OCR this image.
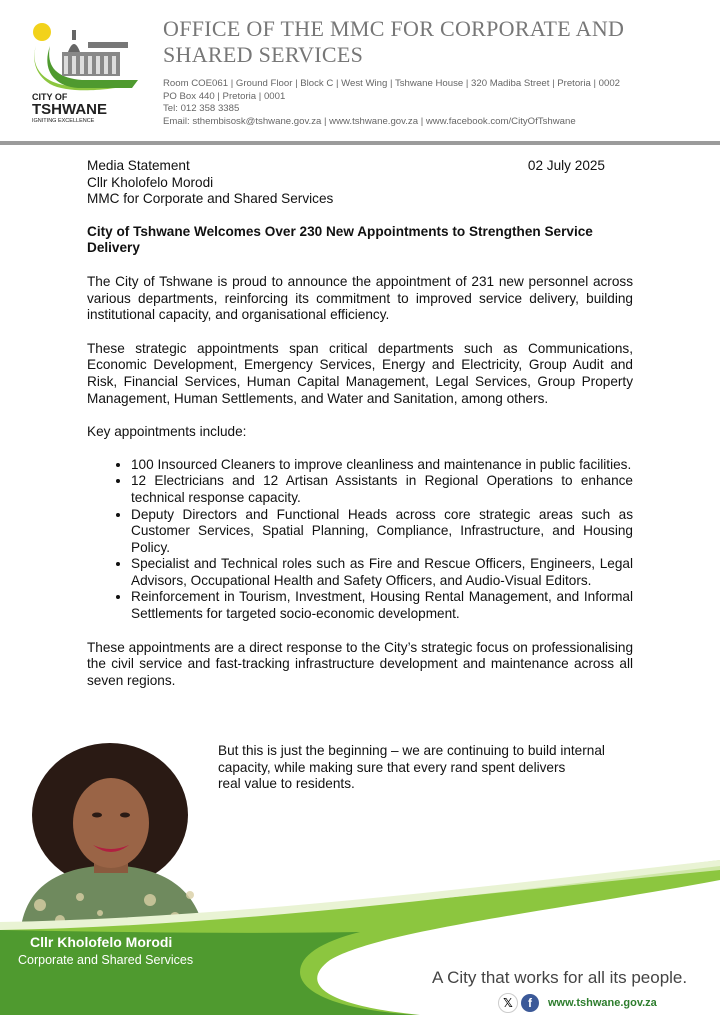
CITY OF
TSHWANE
IGNITING EXCELLENCE
OFFICE OF THE MMC FOR CORPORATE AND
SHARED SERVICES
Room COE061 | Ground Floor | Block C | West Wing | Tshwane House | 320 Madiba Street | Pretoria | 0002
PO Box 440 | Pretoria | 0001
Tel: 012 358 3385
Email: sthembisosk@tshwane.gov.za | www.tshwane.gov.za | www.facebook.com/CityOfTshwane
Media Statement	02 July 2025
Cllr Kholofelo Morodi
MMC for Corporate and Shared Services
City of Tshwane Welcomes Over 230 New Appointments to Strengthen Service Delivery

The City of Tshwane is proud to announce the appointment of 231 new personnel across various departments, reinforcing its commitment to improved service delivery, building institutional capacity, and organisational efficiency.

These strategic appointments span critical departments such as Communications, Economic Development, Emergency Services, Energy and Electricity, Group Audit and Risk, Financial Services, Human Capital Management, Legal Services, Group Property Management, Human Settlements, and Water and Sanitation, among others.

Key appointments include:

• 100 Insourced Cleaners to improve cleanliness and maintenance in public facilities.
• 12 Electricians and 12 Artisan Assistants in Regional Operations to enhance technical response capacity.
• Deputy Directors and Functional Heads across core strategic areas such as Customer Services, Spatial Planning, Compliance, Infrastructure, and Housing Policy.
• Specialist and Technical roles such as Fire and Rescue Officers, Engineers, Legal Advisors, Occupational Health and Safety Officers, and Audio-Visual Editors.
• Reinforcement in Tourism, Investment, Housing Rental Management, and Informal Settlements for targeted socio-economic development.

These appointments are a direct response to the City’s strategic focus on professionalising the civil service and fast-tracking infrastructure development and maintenance across all seven regions.

But this is just the beginning – we are continuing to build internal
capacity, while making sure that every rand spent delivers
real value to residents.
Cllr Kholofelo Morodi
Corporate and Shared Services
A City that works for all its people.
𝕏	f	www.tshwane.gov.za
